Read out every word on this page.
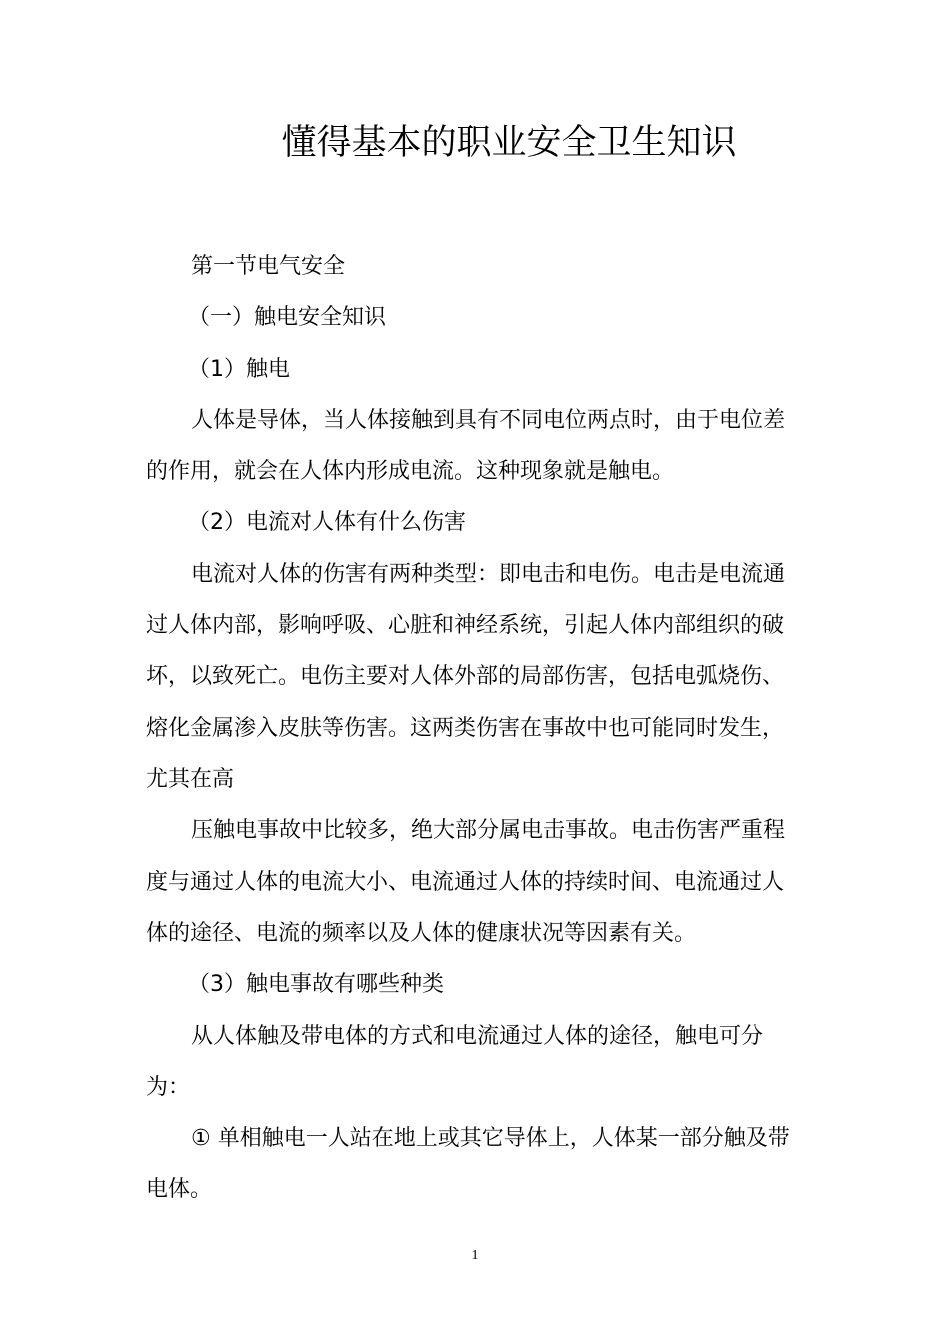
懂得基本的职业安全卫生知识
第一节电气安全
（一）触电安全知识
（1）触电
人体是导体，当人体接触到具有不同电位两点时，由于电位差
的作用，就会在人体内形成电流。这种现象就是触电。
（2）电流对人体有什么伤害
电流对人体的伤害有两种类型：即电击和电伤。电击是电流通
过人体内部，影响呼吸、心脏和神经系统，引起人体内部组织的破
坏，以致死亡。电伤主要对人体外部的局部伤害，包括电弧烧伤、
熔化金属渗入皮肤等伤害。这两类伤害在事故中也可能同时发生，
尤其在高
压触电事故中比较多，绝大部分属电击事故。电击伤害严重程
度与通过人体的电流大小、电流通过人体的持续时间、电流通过人
体的途径、电流的频率以及人体的健康状况等因素有关。
（3）触电事故有哪些种类
从人体触及带电体的方式和电流通过人体的途径，触电可分
为：
① 单相触电一人站在地上或其它导体上，人体某一部分触及带
电体。
1
